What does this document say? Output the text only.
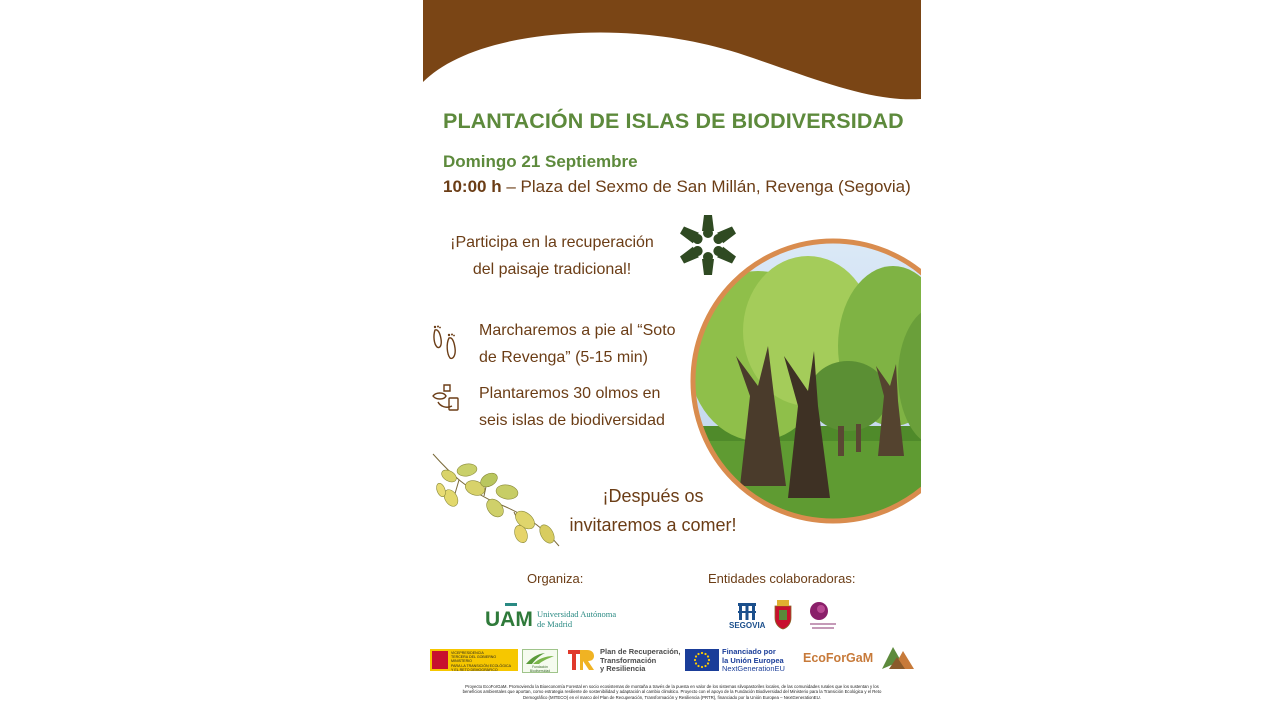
PLANTACIÓN DE ISLAS DE BIODIVERSIDAD
Domingo 21 Septiembre
10:00 h – Plaza del Sexmo de San Millán, Revenga (Segovia)
¡Participa en la recuperación
del paisaje tradicional!
Marcharemos a pie al “Soto
de Revenga” (5-15 min)
Plantaremos 30 olmos en
seis islas de biodiversidad
¡Después os
invitaremos a comer!
Organiza:	Entidades colaboradoras:
UAM Universidad Autónoma
de Madrid	SEGOVIA
VICEPRESIDENCIA
TERCERA DEL GOBIERNO
MINISTERIO
PARA LA TRANSICIÓN ECOLÓGICA
Y EL RETO DEMOGRÁFICO
Fundación Biodiversidad
Plan de Recuperación,
Transformación
y Resiliencia
Financiado por
la Unión Europea
NextGenerationEU
EcoForGaM
Proyecto EcoForGaM. Promoviendo la Bioeconomía Forestal en socio ecosistemas de montaña a través de la puesta en valor de los sistemas silvopastoriles locales, de las comunidades rurales que los sustentan y los beneficios ambientales que aportan, como estrategia resiliente de sostenibilidad y adaptación al cambio climático. Proyecto con el apoyo de la Fundación Biodiversidad del Ministerio para la Transición Ecológica y el Reto Demográfico (MITECO) en el marco del Plan de Recuperación, Transformación y Resiliencia (PRTR), financiado por la Unión Europea – NextGenerationEU.
